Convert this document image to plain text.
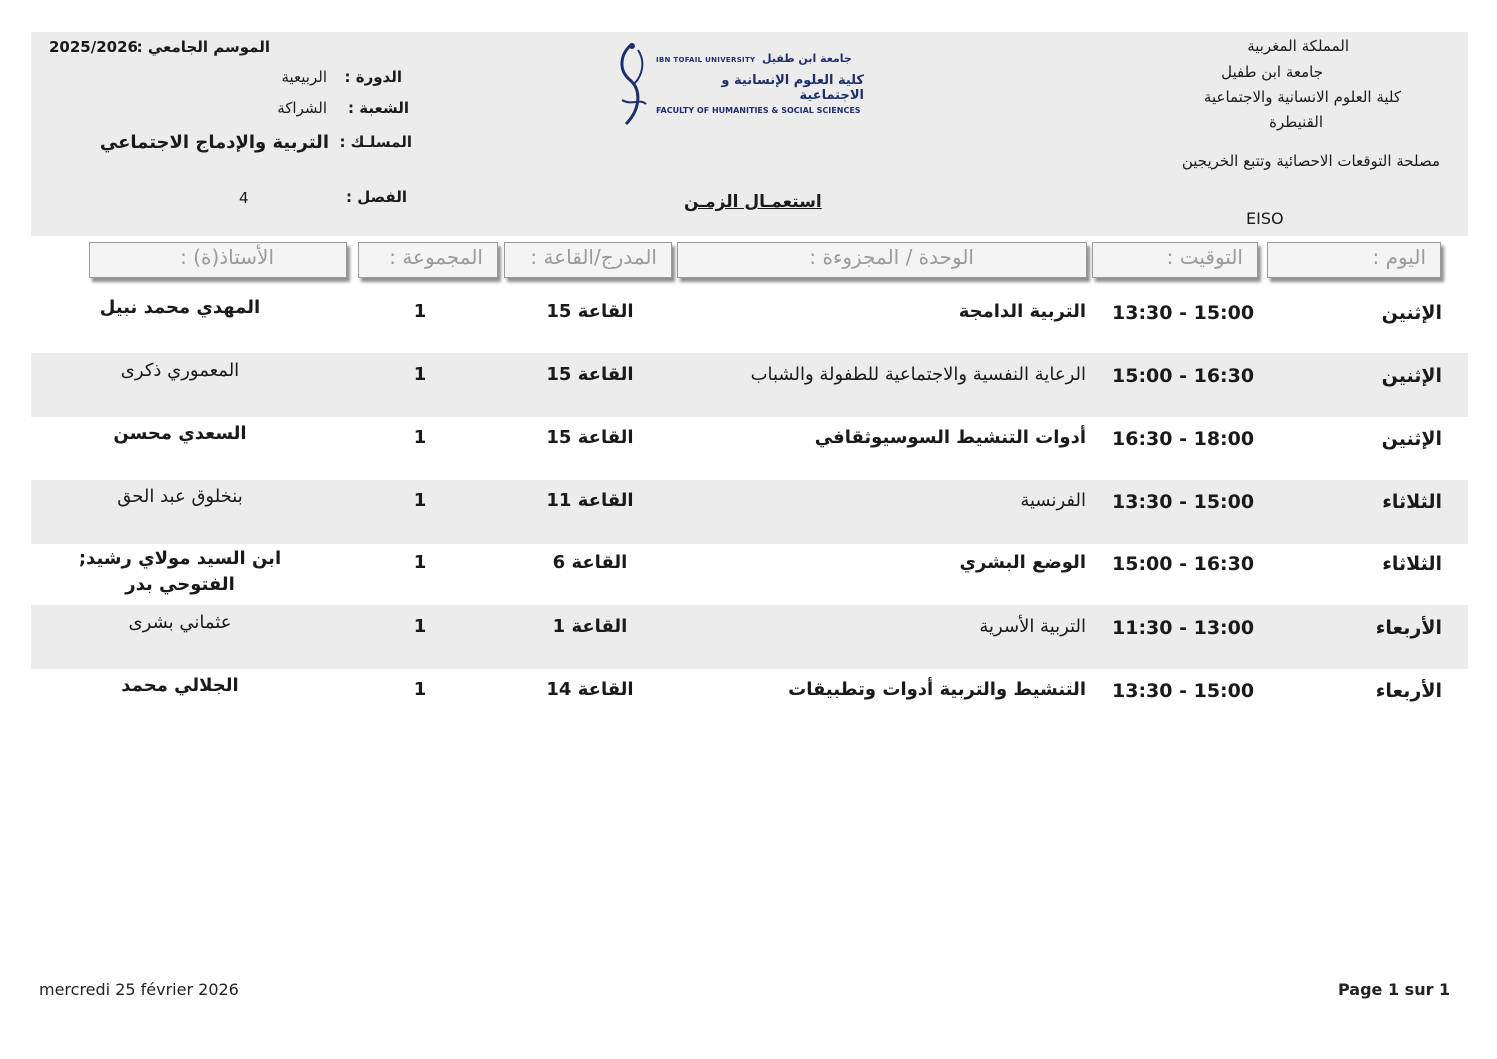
المملكة المغربية
جامعة ابن طفيل
كلية العلوم الانسانية والاجتماعية
القنيطرة
مصلحة التوقعات الاحصائية وتتبع الخريجين
EISO
IBN TOFAIL UNIVERSITY جامعة ابن طفيل
كلية العلوم الإنسانية و الاجتماعية
FACULTY OF HUMANITIES & SOCIAL SCIENCES
الموسم الجامعي :
2025/2026
الدورة :
الربيعية
الشعبة :
الشراكة
المسلـك :
التربية والإدماج الاجتماعي
الفصل :
4	استعمـال الزمـن
اليوم :
التوقيت :
الوحدة / المجزوءة :
المدرج/القاعة :
المجموعة :
الأستاذ(ة) :
الإثنين
13:30 - 15:00
التربية الدامجة
القاعة 15
1
المهدي محمد نبيل
الإثنين
15:00 - 16:30
الرعاية النفسية والاجتماعية للطفولة والشباب
القاعة 15
1
المعموري ذكرى
الإثنين
16:30 - 18:00
أدوات التنشيط السوسيوثقافي
القاعة 15
1
السعدي محسن
الثلاثاء
13:30 - 15:00
الفرنسية
القاعة 11
1
بنخلوق عبد الحق
الثلاثاء
15:00 - 16:30
الوضع البشري
القاعة 6
1
ابن السيد مولاي رشيد; الفتوحي بدر
الأربعاء
11:30 - 13:00
التربية الأسرية
القاعة 1
1
عثماني بشرى
الأربعاء
13:30 - 15:00
التنشيط والتربية أدوات وتطبيقات
القاعة 14
1
الجلالي محمد
mercredi 25 février 2026	Page 1 sur 1
